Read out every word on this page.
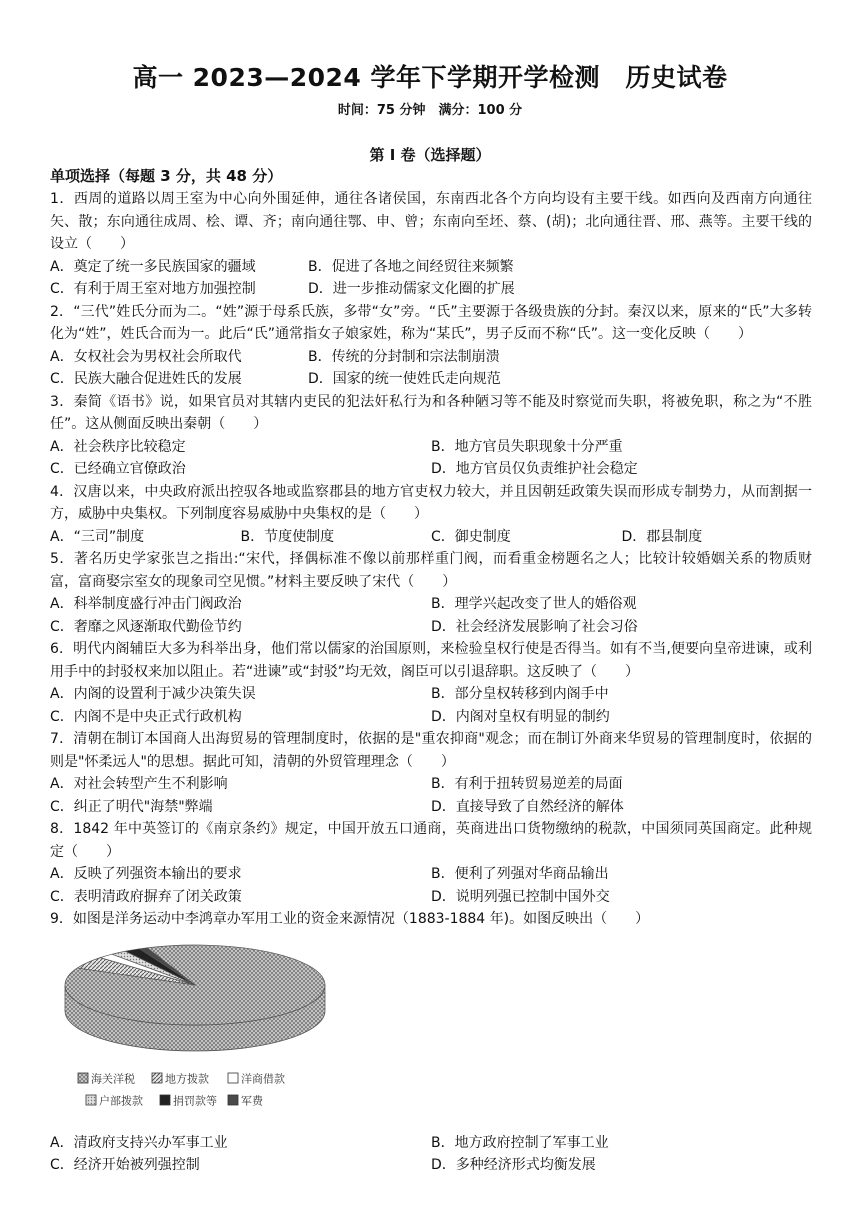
高一 2023—2024 学年下学期开学检测　历史试卷
时间：75 分钟　满分：100 分
第 I 卷（选择题）
单项选择（每题 3 分，共 48 分）
1．西周的道路以周王室为中心向外围延伸，通往各诸侯国，东南西北各个方向均设有主要干线。如西向及西南方向通往矢、散；东向通往成周、桧、谭、齐；南向通往鄂、申、曾；东南向至坯、蔡、(胡)；北向通往晋、邢、燕等。主要干线的设立（　　）
A．奠定了统一多民族国家的疆域	B．促进了各地之间经贸往来频繁
C．有利于周王室对地方加强控制	D．进一步推动儒家文化圈的扩展
2．“三代”姓氏分而为二。“姓”源于母系氏族，多带“女”旁。“氏”主要源于各级贵族的分封。秦汉以来，原来的“氏”大多转化为“姓”，姓氏合而为一。此后“氏”通常指女子娘家姓，称为“某氏”，男子反而不称“氏”。这一变化反映（　　）
A．女权社会为男权社会所取代	B．传统的分封制和宗法制崩溃
C．民族大融合促进姓氏的发展	D．国家的统一使姓氏走向规范
3．秦简《语书》说，如果官员对其辖内吏民的犯法奸私行为和各种陋习等不能及时察觉而失职，将被免职，称之为“不胜任”。这从侧面反映出秦朝（　　）
A．社会秩序比较稳定	B．地方官员失职现象十分严重
C．已经确立官僚政治	D．地方官员仅负责维护社会稳定
4．汉唐以来，中央政府派出控驭各地或监察郡县的地方官吏权力较大，并且因朝廷政策失误而形成专制势力，从而割据一方，威胁中央集权。下列制度容易威胁中央集权的是（　　）
A．“三司”制度	B．节度使制度	C．御史制度	D．郡县制度
5．著名历史学家张岂之指出:“宋代，择偶标准不像以前那样重门阀，而看重金榜题名之人；比较计较婚姻关系的物质财富，富商娶宗室女的现象司空见惯。”材料主要反映了宋代（　　）
A．科举制度盛行冲击门阀政治	B．理学兴起改变了世人的婚俗观
C．奢靡之风逐渐取代勤俭节约	D．社会经济发展影响了社会习俗
6．明代内阁辅臣大多为科举出身，他们常以儒家的治国原则，来检验皇权行使是否得当。如有不当,便要向皇帝进谏，或利用手中的封驳权来加以阻止。若“进谏”或“封驳”均无效，阁臣可以引退辞职。这反映了（　　）
A．内阁的设置利于减少决策失误	B．部分皇权转移到内阁手中
C．内阁不是中央正式行政机构	D．内阁对皇权有明显的制约
7．清朝在制订本国商人出海贸易的管理制度时，依据的是"重农抑商"观念；而在制订外商来华贸易的管理制度时，依据的则是"怀柔远人"的思想。据此可知，清朝的外贸管理理念（　　）
A．对社会转型产生不利影响	B．有利于扭转贸易逆差的局面
C．纠正了明代"海禁"弊端	D．直接导致了自然经济的解体
8．1842 年中英签订的《南京条约》规定，中国开放五口通商，英商进出口货物缴纳的税款，中国须同英国商定。此种规定（　　）
A．反映了列强资本输出的要求	B．便利了列强对华商品输出
C．表明清政府摒弃了闭关政策	D．说明列强已控制中国外交
9．如图是洋务运动中李鸿章办军用工业的资金来源情况（1883-1884 年)。如图反映出（　　）
海关洋税	地方拨款	洋商借款
户部拨款	捐罚款等 军费
A．清政府支持兴办军事工业	B．地方政府控制了军事工业
C．经济开始被列强控制	D．多种经济形式均衡发展
